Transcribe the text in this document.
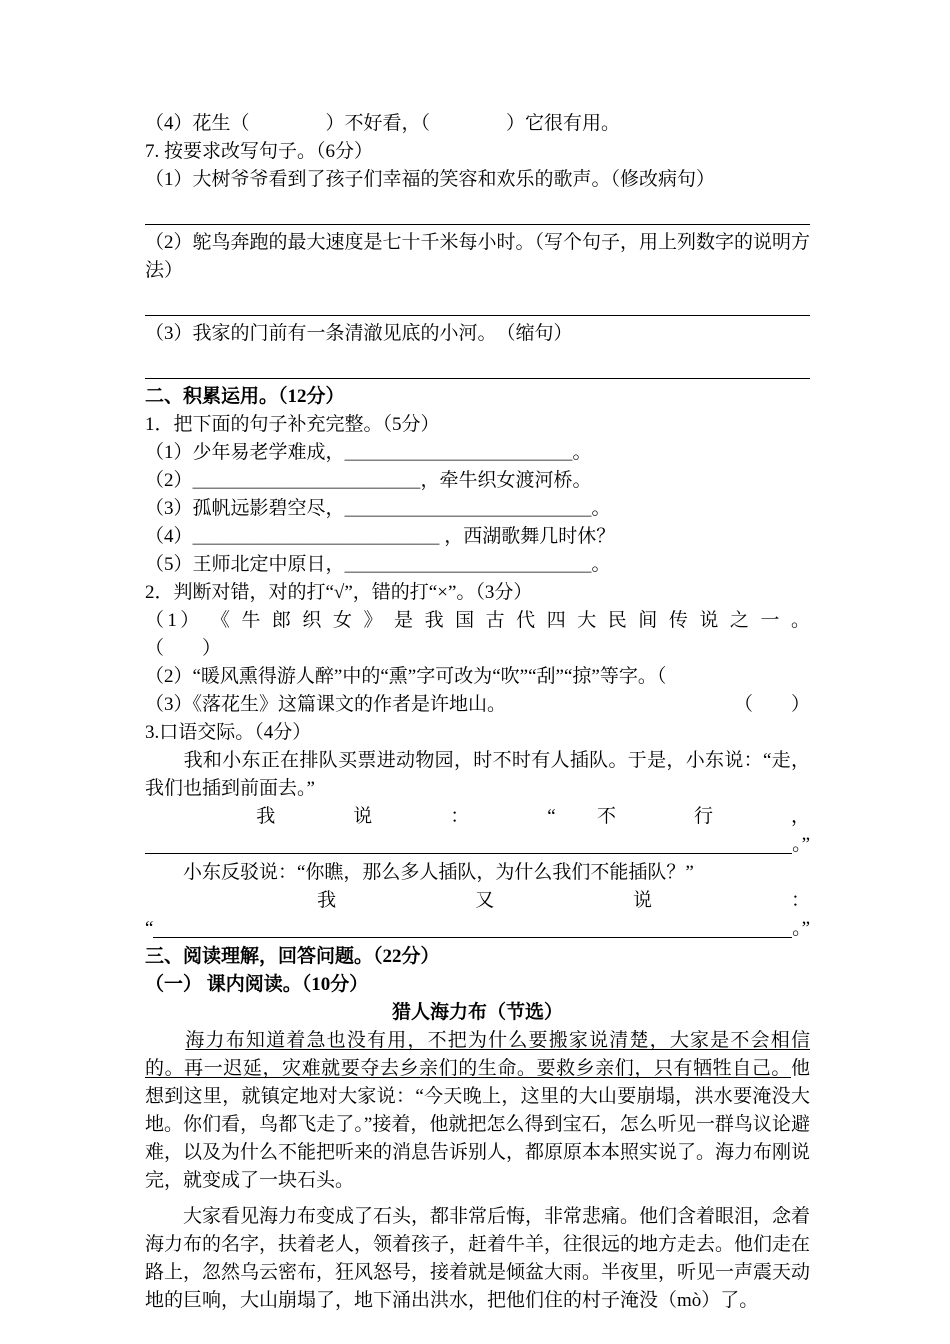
（4）花生（　　　　）不好看，（　　　　）它很有用。
7. 按要求改写句子。（6分）
（1）大树爷爷看到了孩子们幸福的笑容和欢乐的歌声。（修改病句）
（2）鸵鸟奔跑的最大速度是七十千米每小时。（写个句子，用上列数字的说明方法）
（3）我家的门前有一条清澈见底的小河。　（缩句）
二、积累运用。（12分）
1．把下面的句子补充完整。（5分）
（1）少年易老学难成，＿＿＿＿＿＿＿＿＿＿＿＿。
（2）＿＿＿＿＿＿＿＿＿＿＿＿，牵牛织女渡河桥。
（3）孤帆远影碧空尽，＿＿＿＿＿＿＿＿＿＿＿＿＿。
（4）＿＿＿＿＿＿＿＿＿＿＿＿＿ ，西湖歌舞几时休？
（5）王师北定中原日，＿＿＿＿＿＿＿＿＿＿＿＿＿。
2．判断对错，对的打“√”，错的打“×”。（3分）
（1） 《 牛 郎 织 女 》 是 我 国 古 代 四 大 民 间 传 说 之 一 。
（　　）
（2）“暖风熏得游人醉”中的“熏”字可改为“吹”“刮”“掠”等字。（
（3）《落花生》这篇课文的作者是许地山。	（　　）
3.口语交际。（4分）
　　我和小东正在排队买票进动物园，时不时有人插队。于是，小东说：“走，我们也插到前面去。”
　　我 说 ： “ 不 行 ，
。”
　　小东反驳说：“你瞧，那么多人插队，为什么我们不能插队？”
　　我 又 说 ：
“	。”
三、阅读理解，回答问题。（22分）
（一） 课内阅读。（10分）
猎人海力布（节选）
　　海力布知道着急也没有用，不把为什么要搬家说清楚，大家是不会相信的。再一迟延，灾难就要夺去乡亲们的生命。要救乡亲们，只有牺牲自己。他想到这里，就镇定地对大家说：“今天晚上，这里的大山要崩塌，洪水要淹没大地。你们看，鸟都飞走了。”接着，他就把怎么得到宝石，怎么听见一群鸟议论避难，以及为什么不能把听来的消息告诉别人，都原原本本照实说了。海力布刚说完，就变成了一块石头。
　　大家看见海力布变成了石头，都非常后悔，非常悲痛。他们含着眼泪，念着海力布的名字，扶着老人，领着孩子，赶着牛羊，往很远的地方走去。他们走在路上，忽然乌云密布，狂风怒号，接着就是倾盆大雨。半夜里，听见一声震天动地的巨响，大山崩塌了，地下涌出洪水，把他们住的村子淹没（mò）了。
